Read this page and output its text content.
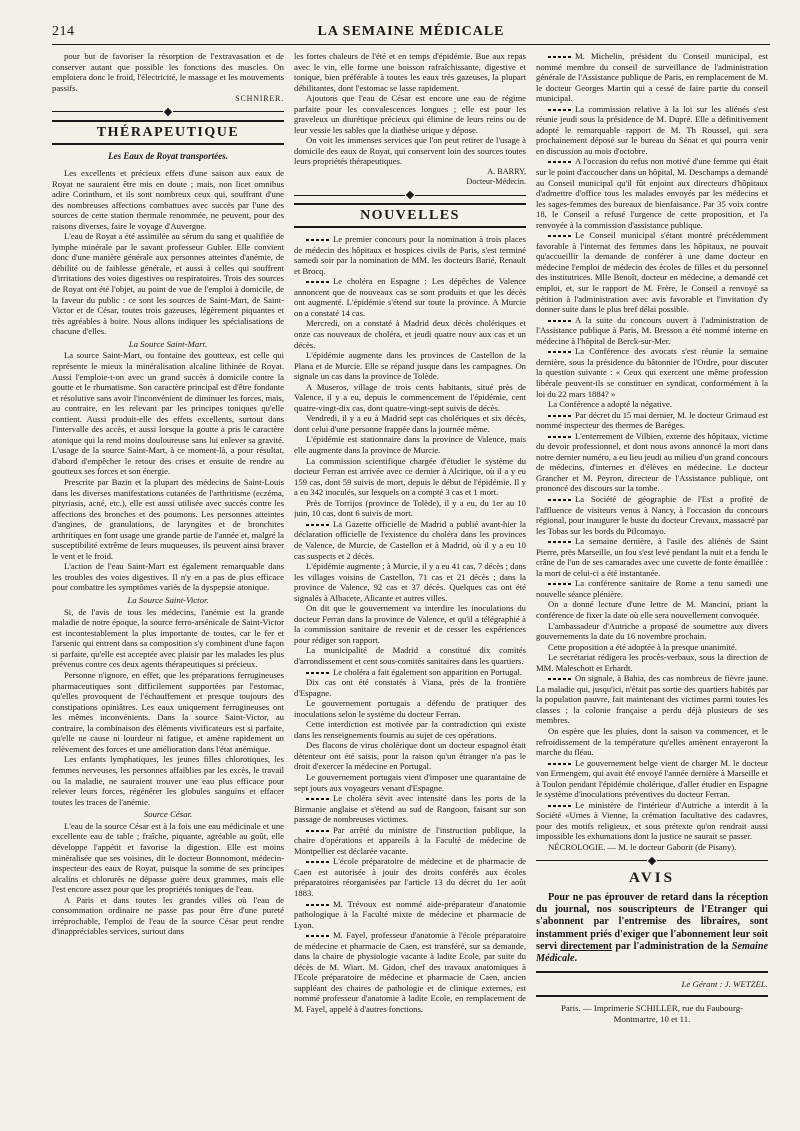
214	LA SEMAINE MÉDICALE

pour but de favoriser la résorption de l'extravasation et de conserver autant que possible les fonctions des muscles. On emploiera donc le froid, l'électricité, le massage et les mouvements passifs.

SCHNIRER.
THÉRAPEUTIQUE
Les Eaux de Royat transportées.

Les excellents et précieux effets d'une saison aux eaux de Royat ne sauraient être mis en doute ; mais, non licet omnibus adire Corinthum, et ils sont nombreux ceux qui, souffrant d'une des nombreuses affections combattues avec succès par l'une des sources de cette station thermale renommée, ne peuvent, pour des raisons diverses, faire le voyage d'Auvergne.

L'eau de Royat a été assimilée au sérum du sang et qualifiée de lymphe minérale par le savant professeur Gubler. Elle convient donc d'une manière générale aux personnes atteintes d'anémie, de débilité ou de faiblesse générale, et aussi à celles qui souffrent d'irritations des voies digestives ou respiratoires. Trois des sources de Royat ont été l'objet, au point de vue de l'emploi à domicile, de la faveur du public : ce sont les sources de Saint-Mart, de Saint-Victor et de César, toutes trois gazeuses, légèrement piquantes et très agréables à boire. Nous allons indiquer les spécialisations de chacune d'elles.

La Source Saint-Mart.

La source Saint-Mart, ou fontaine des goutteux, est celle qui représente le mieux la minéralisation alcaline lithinée de Royat. Aussi l'emploie-t-on avec un grand succès à domicile contre la goutte et le rhumatisme. Son caractère principal est d'être fondante et résolutive sans avoir l'inconvénient de diminuer les forces, mais, au contraire, en les relevant par les principes toniques qu'elle contient. Aussi produit-elle des effets excellents, surtout dans l'intervalle des accès, et aussi lorsque la goutte a pris le caractère atonique qui la rend moins douloureuse sans lui enlever sa gravité. L'usage de la source Saint-Mart, à ce moment-là, a pour résultat, d'abord d'empêcher le retour des crises et ensuite de rendre au goutteux ses forces et son énergie.

Prescrite par Bazin et la plupart des médecins de Saint-Louis dans les diverses manifestations cutanées de l'arthritisme (eczéma, pityriasis, acné, etc.), elle est aussi utilisée avec succès contre les affections des bronches et des poumons. Les personnes atteintes d'angines, de granulations, de laryngites et de bronchites arthritiques en font usage une grande partie de l'année et, malgré la susceptibilité extrême de leurs muqueuses, ils peuvent ainsi braver le vent et le froid.

L'action de l'eau Saint-Mart est également remarquable dans les troubles des voies digestives. Il n'y en a pas de plus efficace pour combattre les symptômes variés de la dyspepsie atonique.

La Source Saint-Victor.

Si, de l'avis de tous les médecins, l'anémie est la grande maladie de notre époque, la source ferro-arsénicale de Saint-Victor est incontestablement la plus importante de toutes, car le fer et l'arsenic qui entrent dans sa composition s'y combinent d'une façon si parfaite, qu'elle est acceptée avec plaisir par les malades les plus prévenus contre ces deux agents thérapeutiques si précieux.

Personne n'ignore, en effet, que les préparations ferrugineuses pharmaceutiques sont difficilement supportées par l'estomac, qu'elles provoquent de l'échauffement et presque toujours des constipations opiniâtres. Les eaux uniquement ferrugineuses ont les mêmes inconvénients. Dans la source Saint-Victor, au contraire, la combinaison des éléments vivificateurs est si parfaite, qu'elle ne cause ni lourdeur ni fatigue, et amène rapidement un relèvement des forces et une amélioration dans l'état anémique.

Les enfants lymphatiques, les jeunes filles chlorotiques, les femmes nerveuses, les personnes affaiblies par les excès, le travail ou la maladie, ne sauraient trouver une eau plus efficace pour relever leurs forces, régénérer les globules sanguins et effacer toutes les traces de l'anémie.

Source César.

L'eau de la source César est à la fois une eau médicinale et une excellente eau de table ; fraîche, piquante, agréable au goût, elle développe l'appétit et favorise la digestion. Elle est moins minéralisée que ses voisines, dit le docteur Bonnomont, médecin-inspecteur des eaux de Royat, puisque la somme de ses principes alcalins et chlorurés ne dépasse guère deux grammes, mais elle l'est encore assez pour que les propriétés toniques de l'eau.

A Paris et dans toutes les grandes villes où l'eau de consommation ordinaire ne passe pas pour être d'une pureté irréprochable, l'emploi de l'eau de la source César peut rendre d'inappréciables services, surtout dans

les fortes chaleurs de l'été et en temps d'épidémie. Bue aux repas avec le vin, elle forme une boisson rafraîchissante, digestive et tonique, bien préférable à toutes les eaux très gazeuses, la plupart débilitantes, dont l'estomac se lasse rapidement.

Ajoutons que l'eau de César est encore une eau de régime parfaite pour les convalescences longues ; elle est pour les graveleux un diurétique précieux qui élimine de leurs reins ou de leur vessie les sables que la diathèse urique y dépose.

On voit les immenses services que l'on peut retirer de l'usage à domicile des eaux de Royat, qui conservent loin des sources toutes leurs propriétés thérapeutiques.

A. BARRY,
Docteur-Médecin.
NOUVELLES

Le premier concours pour la nomination à trois places de médecin des hôpitaux et hospices civils de Paris, s'est terminé samedi soir par la nomination de MM. les docteurs Barié, Renault et Brocq.

Le choléra en Espagne : Les dépêches de Valence annoncent que de nouveaux cas se sont produits et que les décès ont augmenté. L'épidémie s'étend sur toute la province. A Murcie on a constaté 14 cas.

Mercredi, on a constaté à Madrid deux décès cholériques et onze cas nouveaux de choléra, et jeudi quatre nouv aux cas et un décès.

L'épidémie augmente dans les provinces de Castellon de la Plana et de Murcie. Elle se répand jusque dans les campagnes. On signale un cas dans la province de Tolède.

A Museros, village de trois cents habitants, situé près de Valence, il y a eu, depuis le commencement de l'épidémie, cent quatre-vingt-dix cas, dont quatre-vingt-sept suivis de décès.

Vendredi, il y a eu à Madrid sept cas cholériques et six décès, dont celui d'une personne frappée dans la journée même.

L'épidémie est stationnaire dans la province de Valence, mais elle augmente dans la province de Murcie.

La commission scientifique chargée d'étudier le système du docteur Ferran est arrivée avec ce dernier à Alcirique, où il a y eu 159 cas, dont 59 suivis de mort, depuis le début de l'épidémie. Il y a eu 342 inoculés, sur lesquels on a compté 3 cas et 1 mort.

Près de Torrijos (province de Tolède), il y a eu, du 1er au 10 juin, 10 cas, dont 6 suivis de mort.

La Gazette officielle de Madrid a publié avant-hier la déclaration officielle de l'existence du choléra dans les provinces de Valence, de Murcie, de Castellon et à Madrid, où il y a eu 10 cas suspects et 2 décès.

L'épidémie augmente ; à Murcie, il y a eu 41 cas, 7 décès ; dans les villages voisins de Castellon, 71 cas et 21 décès ; dans la province de Valence, 92 cas et 37 décès. Quelques cas ont été signalés à Albacete, Alicante et autres villes.

On dit que le gouvernement va interdire les inoculations du docteur Ferran dans la province de Valence, et qu'il a télégraphié à la commission sanitaire de revenir et de cesser les expériences pour rédiger son rapport.

La municipalité de Madrid a constitué dix comités d'arrondissement et cent sous-comités sanitaires dans les quartiers.

Le choléra a fait également son apparition en Portugal.

Dix cas ont été constatés à Viana, près de la frontière d'Espagne.

Le gouvernement portugais a défendu de pratiquer des inoculations selon le système du docteur Ferran.

Cette interdiction est motivée par la contradiction qui existe dans les renseignements fournis au sujet de ces opérations.

Des flacons de virus cholérique dont un docteur espagnol était détenteur ont été saisis, pour la raison qu'un étranger n'a pas le droit d'exercer la médecine en Portugal.

Le gouvernement portugais vient d'imposer une quarantaine de sept jours aux voyageurs venant d'Espagne.

Le choléra sévit avec intensité dans les ports de la Birmanie anglaise et s'étend au sud de Rangoon, faisant sur son passage de nombreuses victimes.

Par arrêté du ministre de l'instruction publique, la chaire d'opérations et appareils à la Faculté de médecine de Montpellier est déclarée vacante.

L'école préparatoire de médecine et de pharmacie de Caen est autorisée à jouir des droits conférés aux écoles préparatoires réorganisées par l'article 13 du décret du 1er août 1883.

M. Trévoux est nommé aide-préparateur d'anatomie pathologique à la Faculté mixte de médecine et pharmacie de Lyon.

M. Fayel, professeur d'anatomie à l'école préparatoire de médecine et pharmacie de Caen, est transféré, sur sa demande, dans la chaire de physiologie vacante à ladite Ecole, par suite du décès de M. Wiart. M. Gidon, chef des travaux anatomiques à l'Ecole préparatoire de médecine et pharmacie de Caen, ancien suppléant des chaires de pathologie et de clinique externes, est nommé professeur d'anatomie à ladite Ecole, en remplacement de M. Fayel, appelé à d'autres fonctions.

M. Michelin, président du Conseil municipal, est nommé membre du conseil de surveillance de l'administration générale de l'Assistance publique de Paris, en remplacement de M. le docteur Georges Martin qui a cessé de faire partie du conseil municipal.

La commission relative à la loi sur les aliénés s'est réunie jeudi sous la présidence de M. Dupré. Elle a définitivement adopté le remarquable rapport de M. Th Roussel, qui sera prochainement déposé sur le bureau du Sénat et qui pourra venir en discussion au mois d'octobre.

A l'occasion du refus non motivé d'une femme qui était sur le point d'accoucher dans un hôpital, M. Deschamps a demandé au Conseil municipal qu'il fût enjoint aux directeurs d'hôpitaux d'admettre d'office tous les malades envoyés par les médecins et les sages-femmes des bureaux de bienfaisance. Par 35 voix contre 18, le Conseil a refusé l'urgence de cette proposition, et l'a renvoyée à la commission d'assistance publique.

Le Conseil municipal s'étant montré précédemment favorable à l'internat des femmes dans les hôpitaux, ne pouvait qu'accueillir la demande de conférer à une dame docteur en médecine l'emploi de médecin des écoles de filles et du personnel des institutrices. Mlle Benoît, docteur en médecine, a demandé cet emploi, et, sur le rapport de M. Frère, le Conseil a renvoyé sa pétition à l'administration avec avis favorable et l'invitation d'y donner suite dans le plus bref délai possible.

A la suite du concours ouvert à l'administration de l'Assistance publique à Paris, M. Bresson a été nommé interne en médecine à l'hôpital de Berck-sur-Mer.

La Conférence des avocats s'est réunie la semaine dernière, sous la présidence du bâtonnier de l'Ordre, pour discuter la question suivante : « Ceux qui exercent une même profession libérale peuvent-ils se constituer en syndicat, conformément à la loi du 22 mars 1884? »

La Conférence a adopté la négative.

Par décret du 15 mai dernier, M. le docteur Grimaud est nommé inspecteur des thermes de Barèges.

L'enterrement de Vilbien, externe des hôpitaux, victime du devoir professionnel, et dont nous avons annoncé la mort dans notre dernier numéro, a eu lieu jeudi au milieu d'un grand concours de médecins, d'internes et d'élèves en médecine. Le docteur Grancher et M. Peyron, directeur de l'Assistance publique, ont prononcé des discours sur la tombe.

La Société de géographie de l'Est a profité de l'affluence de visiteurs venus à Nancy, à l'occasion du concours régional, pour inaugurer le buste du docteur Crevaux, massacré par les Tobas sur les bords du Pilcomayo.

La semaine dernière, à l'asile des aliénés de Saint Pierre, près Marseille, un fou s'est levé pendant la nuit et a fendu le crâne de l'un de ses camarades avec une cuvette de fonte émaillée : la mort de celui-ci a été instantanée.

La conférence sanitaire de Rome a tenu samedi une nouvelle séance plénière.

On a donné lecture d'une lettre de M. Mancini, priant la conférence de fixer la date où elle sera nouvellement convoquée.

L'ambassadeur d'Autriche a proposé de soumettre aux divers gouvernements la date du 16 novembre prochain.

Cette proposition a été adoptée à la presque unanimité.

Le secrétariat rédigera les procès-verbaux, sous la direction de MM. Maleschott et Erhardt.

On signale, à Bahia, des cas nombreux de fièvre jaune. La maladie qui, jusqu'ici, n'était pas sortie des quartiers habités par la population pauvre, fait maintenant des victimes parmi toutes les classes ; la colonie française a perdu déjà plusieurs de ses membres.

On espère que les pluies, dont la saison va commencer, et le refroidissement de la température qu'elles amènent enrayeront la marche du fléau.

Le gouvernement belge vient de charger M. le docteur van Ermengem, qui avait été envoyé l'année dernière à Marseille et à Toulon pendant l'épidémie cholérique, d'aller étudier en Espagne le système d'inoculations préventives du docteur Ferran.

Le ministère de l'intérieur d'Autriche a interdit à la Société «Urnes à Vienne, la crémation facultative des cadavres, pour des motifs religieux, et sous prétexte qu'on rendrait aussi impossible les exhumations dont la justice ne saurait se passer.

NÉCROLOGIE. — M. le docteur Gaborit (de Pisany).

AVIS

Pour ne pas éprouver de retard dans la réception du journal, nos souscripteurs de l'Etranger qui s'abonnent par l'entremise des libraires, sont instamment priés d'exiger que l'abonnement leur soit servi directement par l'administration de la Semaine Médicale.

Le Gérant : J. WETZEL.
Paris. — Imprimerie SCHILLER, rue du Faubourg-
Montmartre, 10 et 11.
